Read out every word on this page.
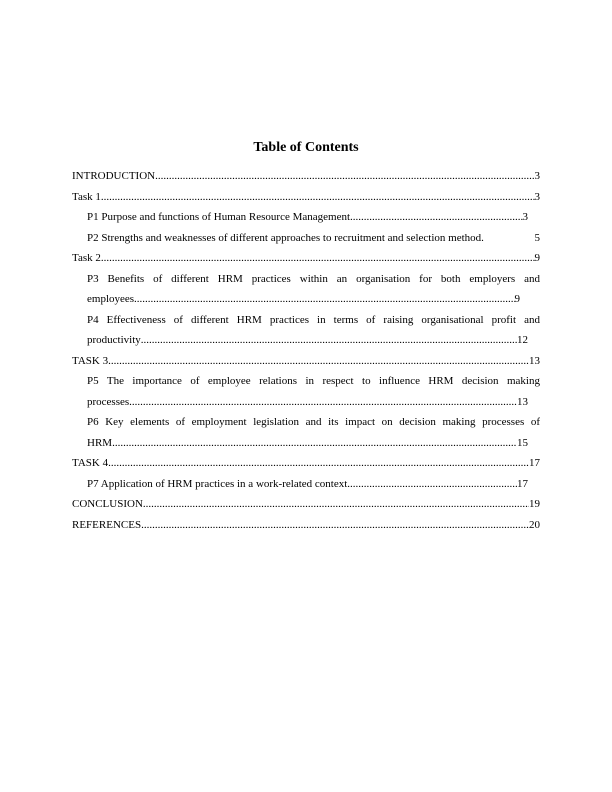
Table of Contents
INTRODUCTION	3
.....
Task 1	3
.....
P1 Purpose and functions of Human Resource Management	3
.....
P2 Strengths and weaknesses of different approaches to recruitment and selection method.	5
Task 2	9
.....
P3 Benefits of different HRM practices within an organisation for both employers and
employees	9
.....
P4 Effectiveness of different HRM practices in terms of raising organisational profit and
productivity	12
.....
TASK 3	13
.....
P5 The importance of employee relations in respect to influence HRM decision making
processes	13
.....
P6 Key elements of employment legislation and its impact on decision making processes of
HRM	15
.....
TASK 4	17
.....
P7 Application of HRM practices in a work-related context	17
.....
CONCLUSION	19
.....
REFERENCES	20
.....
